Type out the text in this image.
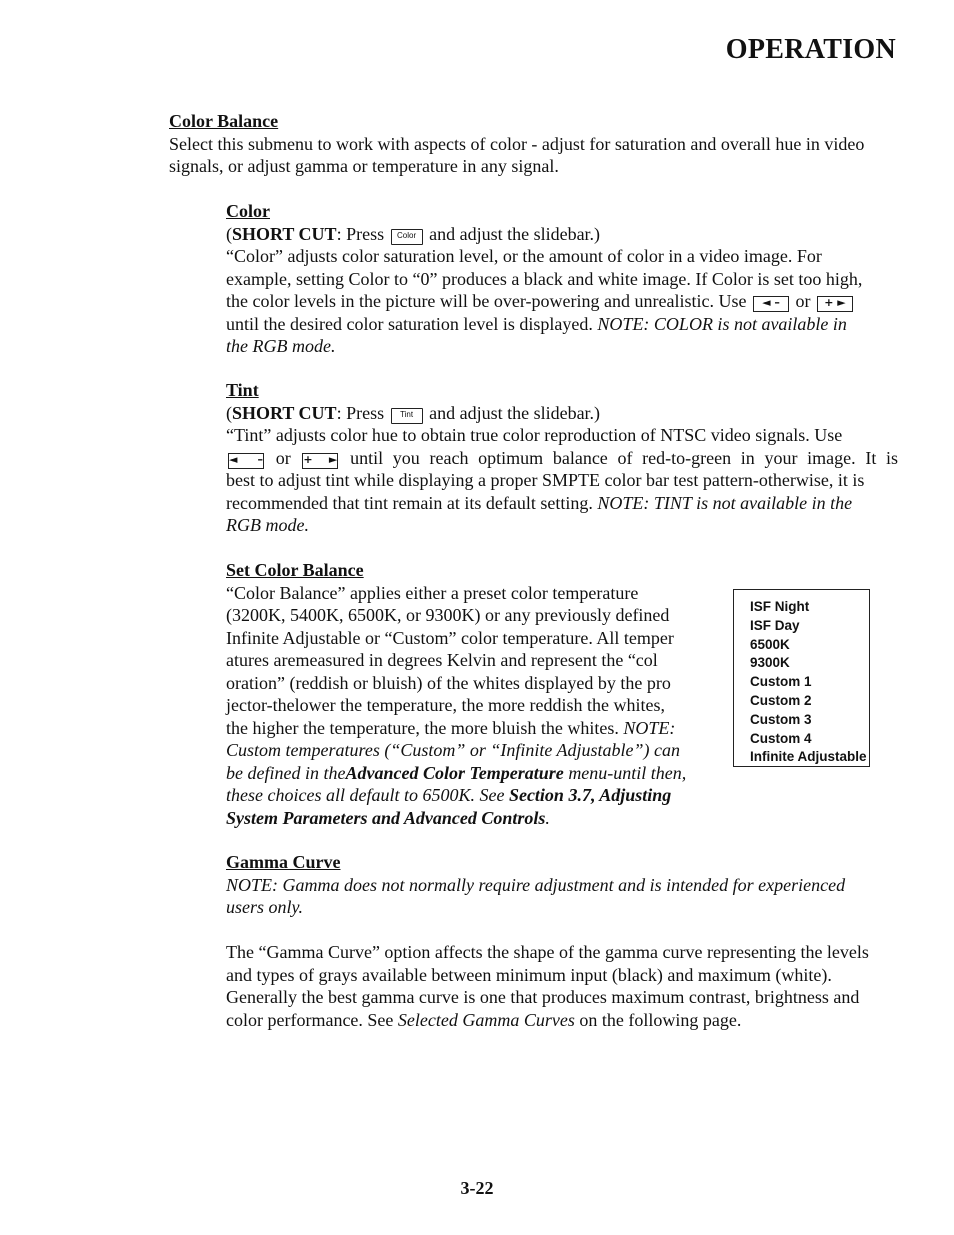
OPERATION
Color Balance
Select this submenu to work with aspects of color - adjust for saturation and overall hue in video
signals, or adjust gamma or temperature in any signal.
Color
(SHORT CUT: Press Color and adjust the slidebar.)
“Color” adjusts color saturation level, or the amount of color in a video image. For
example, setting Color to “0” produces a black and white image. If Color is set too high,
the color levels in the picture will be over-powering and unrealistic. Use ◄ – or + ►
until the desired color saturation level is displayed. NOTE: COLOR is not available in
the RGB mode.
Tint
(SHORT CUT: Press Tint and adjust the slidebar.)
“Tint” adjusts color hue to obtain true color reproduction of NTSC video signals. Use
◄ – or + ► until you reach optimum balance of red-to-green in your image. It is
best to adjust tint while displaying a proper SMPTE color bar test pattern-otherwise, it is
recommended that tint remain at its default setting. NOTE: TINT is not available in the
RGB mode.
Set Color Balance
“Color Balance” applies either a preset color temperature
(3200K, 5400K, 6500K, or 9300K) or any previously defined
Infinite Adjustable or “Custom” color temperature. All temper
atures aremeasured in degrees Kelvin and represent the “col
oration” (reddish or bluish) of the whites displayed by the pro
jector-thelower the temperature, the more reddish the whites,
the higher the temperature, the more bluish the whites. NOTE:
Custom temperatures (“Custom” or “Infinite Adjustable”) can
be defined in theAdvanced Color Temperature menu-until then,
these choices all default to 6500K. See Section 3.7, Adjusting
System Parameters and Advanced Controls.
ISF Night
ISF Day
6500K
9300K
Custom 1
Custom 2
Custom 3
Custom 4
Infinite Adjustable
Gamma Curve
NOTE: Gamma does not normally require adjustment and is intended for experienced
users only.

The “Gamma Curve” option affects the shape of the gamma curve representing the levels
and types of grays available between minimum input (black) and maximum (white).
Generally the best gamma curve is one that produces maximum contrast, brightness and
color performance. See Selected Gamma Curves on the following page.
3-22
